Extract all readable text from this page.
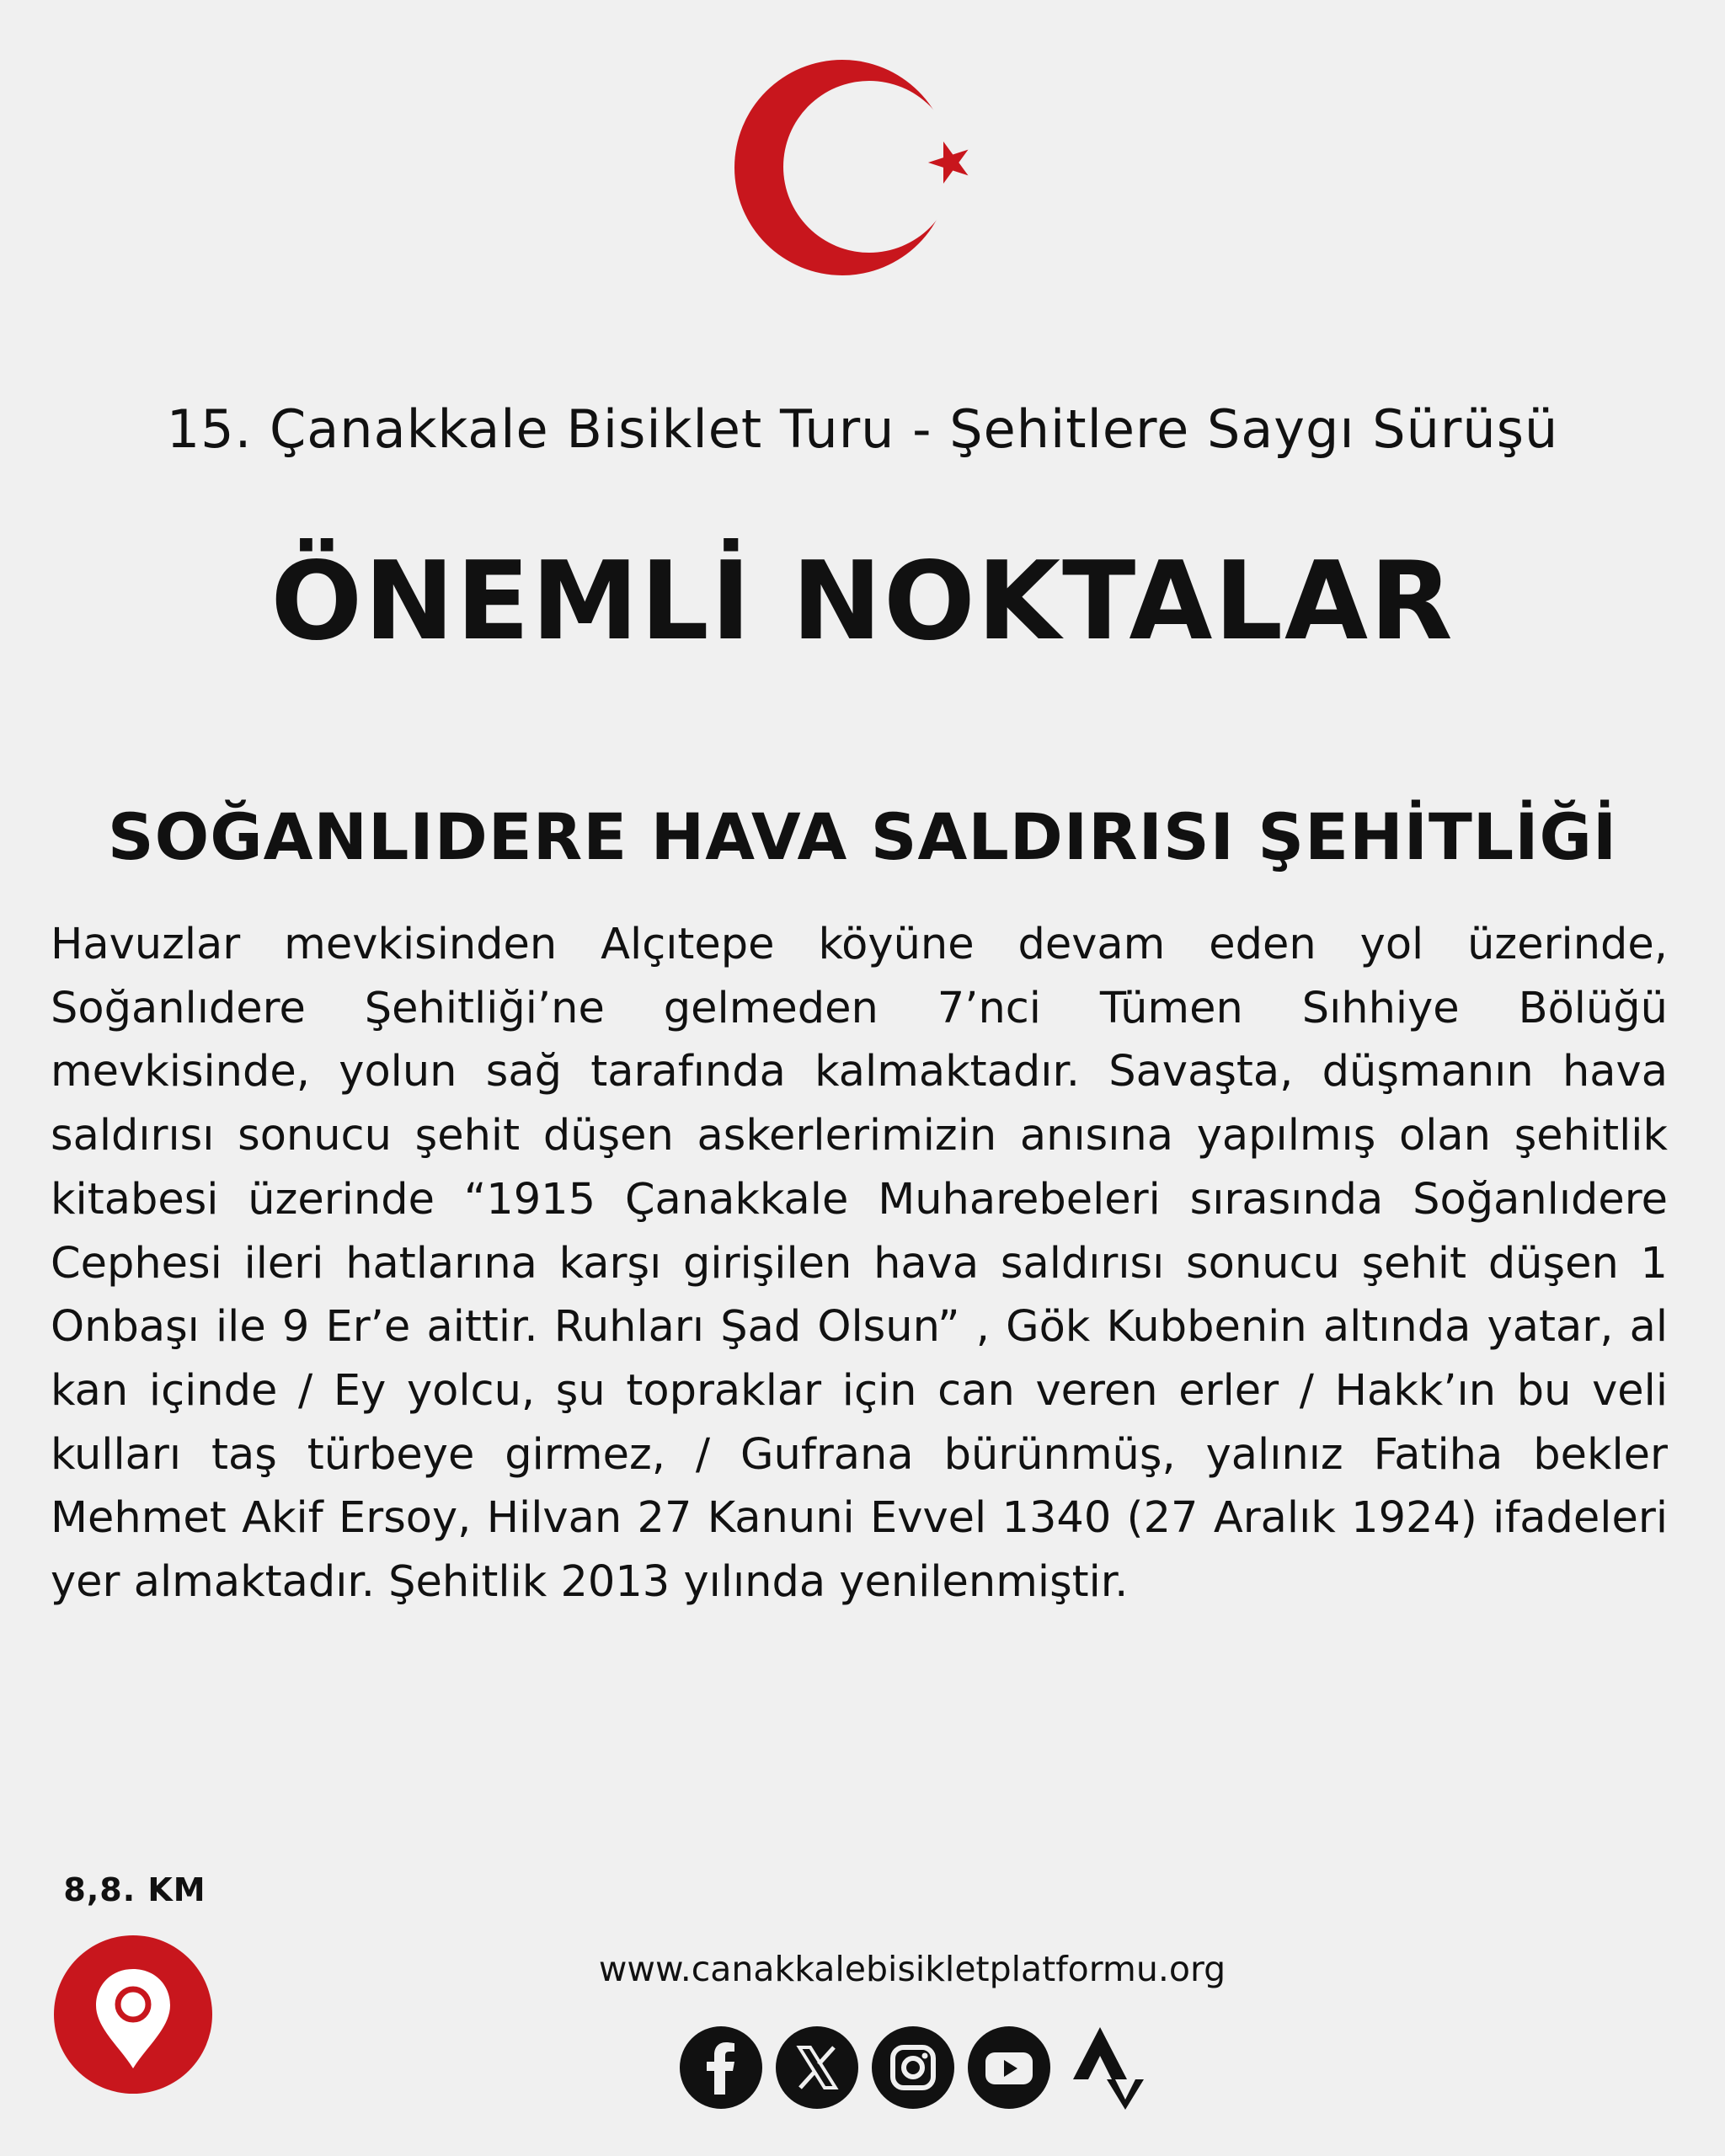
15. Çanakkale Bisiklet Turu - Şehitlere Saygı Sürüşü
ÖNEMLİ NOKTALAR
SOĞANLIDERE HAVA SALDIRISI ŞEHİTLİĞİ

Havuzlar mevkisinden Alçıtepe köyüne devam eden yol üzerinde, Soğanlıdere Şehitliği’ne gelmeden 7’nci Tümen Sıhhiye Bölüğü mevkisinde, yolun sağ tarafında kalmaktadır. Savaşta, düşmanın hava saldırısı sonucu şehit düşen askerlerimizin anısına yapılmış olan şehitlik kitabesi üzerinde “1915 Çanakkale Muharebeleri sırasında Soğanlıdere Cephesi ileri hatlarına karşı girişilen hava saldırısı sonucu şehit düşen 1 Onbaşı ile 9 Er’e aittir. Ruhları Şad Olsun” , Gök Kubbenin altında yatar, al kan içinde / Ey yolcu, şu topraklar için can veren erler / Hakk’ın bu veli kulları taş türbeye girmez, / Gufrana bürünmüş, yalınız Fatiha bekler Mehmet Akif Ersoy, Hilvan 27 Kanuni Evvel 1340 (27 Aralık 1924) ifadeleri yer almaktadır. Şehitlik 2013 yılında yenilenmiştir.

8,8. KM
www.canakkalebisikletplatformu.org
